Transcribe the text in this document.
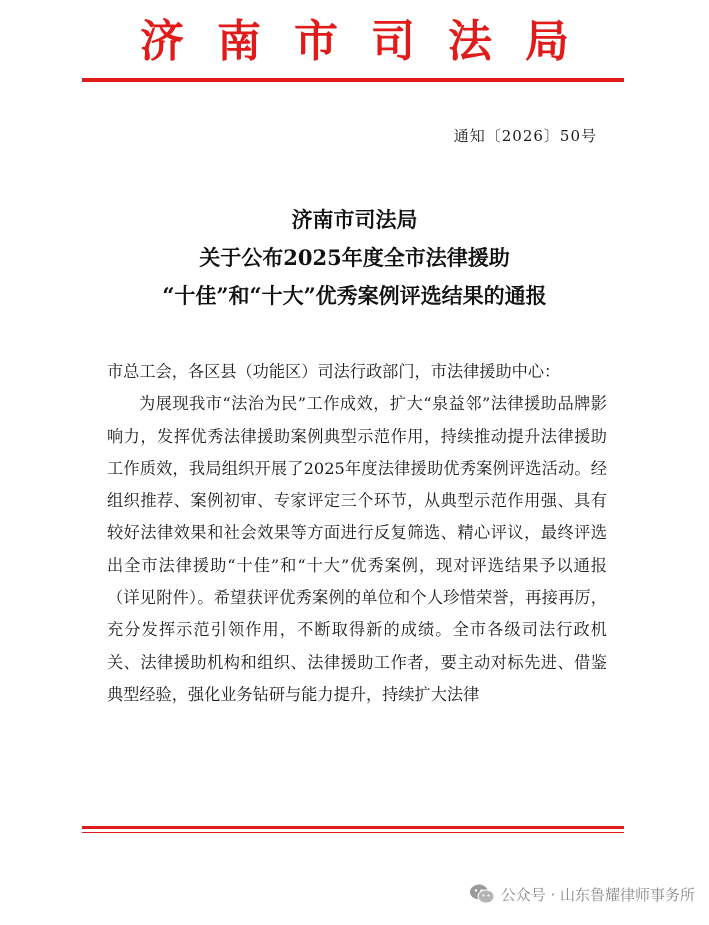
济南市司法局
通知〔2026〕50号
济南市司法局
关于公布2025年度全市法律援助
“十佳”和“十大”优秀案例评选结果的通报
市总工会，各区县（功能区）司法行政部门，市法律援助中心：
为展现我市“法治为民”工作成效，扩大“泉益邻”法律援助品牌影响力，发挥优秀法律援助案例典型示范作用，持续推动提升法律援助工作质效，我局组织开展了2025年度法律援助优秀案例评选活动。经组织推荐、案例初审、专家评定三个环节，从典型示范作用强、具有较好法律效果和社会效果等方面进行反复筛选、精心评议，最终评选出全市法律援助“十佳”和“十大”优秀案例，现对评选结果予以通报（详见附件）。希望获评优秀案例的单位和个人珍惜荣誉，再接再厉，充分发挥示范引领作用，不断取得新的成绩。全市各级司法行政机关、法律援助机构和组织、法律援助工作者，要主动对标先进、借鉴典型经验，强化业务钻研与能力提升，持续扩大法律
公众号 · 山东鲁耀律师事务所
